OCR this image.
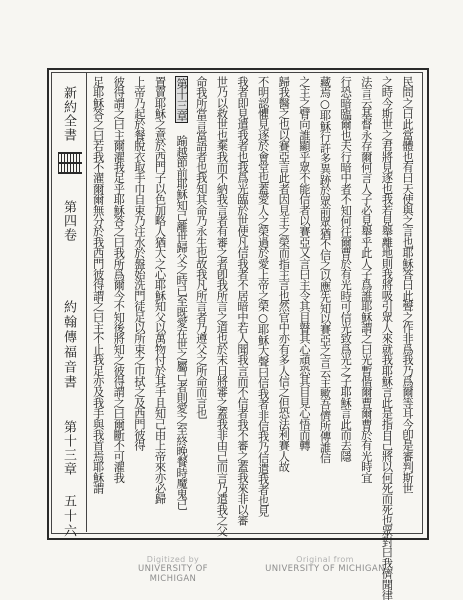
新約全書
第四卷
約翰傳福音書
第十三章
五十六
民問之曰此當體也有曰天使與之言也耶穌答曰此聲之作非爲我乃爲爾等耳今卽是審判斯世
之時今斯世之君將見逐也我若見舉離地則我將吸引眾人來就我耶穌言此是指自己將以何死而死也眾對曰我儕聞律
法言云基督永存爾何言人子必見舉乎此人子爲誰耶穌謂之曰光暫偕爾曹爾曹於有光時宜
行恐暗臨爾也夫行暗中者不知何往爾曹於有光時可信光致爲光之子耶穌言此而去隱
藏焉○耶穌行許多異跡於眾前眾猶不信之以應先知以賽亞之言云主歟吾儕所傳誰信
之主之臂向誰顯乎眾不能信者以賽亞又言曰主令其目瞽其心頑恐其目見心悟而轉
歸我醫之也以賽亞言此者因見主之榮而指主言也然官中亦有多人信之但恐法利賽人故
不明認懼見逐於會堂也蓋愛人之榮過於愛上帝之榮○耶穌大聲曰信我者非信我乃信遣我者也見
我者即見遣我者也我爲光臨於世使凡信我者不居暗中若人聞我言而不信者我不審之蓋我來非以審
世乃以救世也棄我而不納我言者有審之者卽我所言之道也於末日將審之蓋我非由己而言乃遣我之父
命我所當言當語者也我知其命乃永生也故我凡所言者乃遵父之所命而言也
第十三章 踰越節前耶穌知己離世歸父之時已至既愛在世之屬己者則愛之至終晚餐時魔鬼已
置賣耶穌之意於西門子以色加略人猶大之心耶穌知父以萬物付於其手且知己由上帝來亦必歸
上帝乃起於餐脫衣取手巾自束乃注水於盤始洗門徒足以所束之巾拭之及西門彼得
彼得謂之曰主爾濯我足乎耶穌答之曰我所爲爾今不知後將知之彼得謂之曰爾斷不可濯我
足耶穌答之曰若我不濯爾爾無分於我西門彼得謂之曰主不止我足亦及我手與我首焉耶穌謂
Digitized by
UNIVERSITY OF MICHIGAN
Original from
UNIVERSITY OF MICHIGAN
